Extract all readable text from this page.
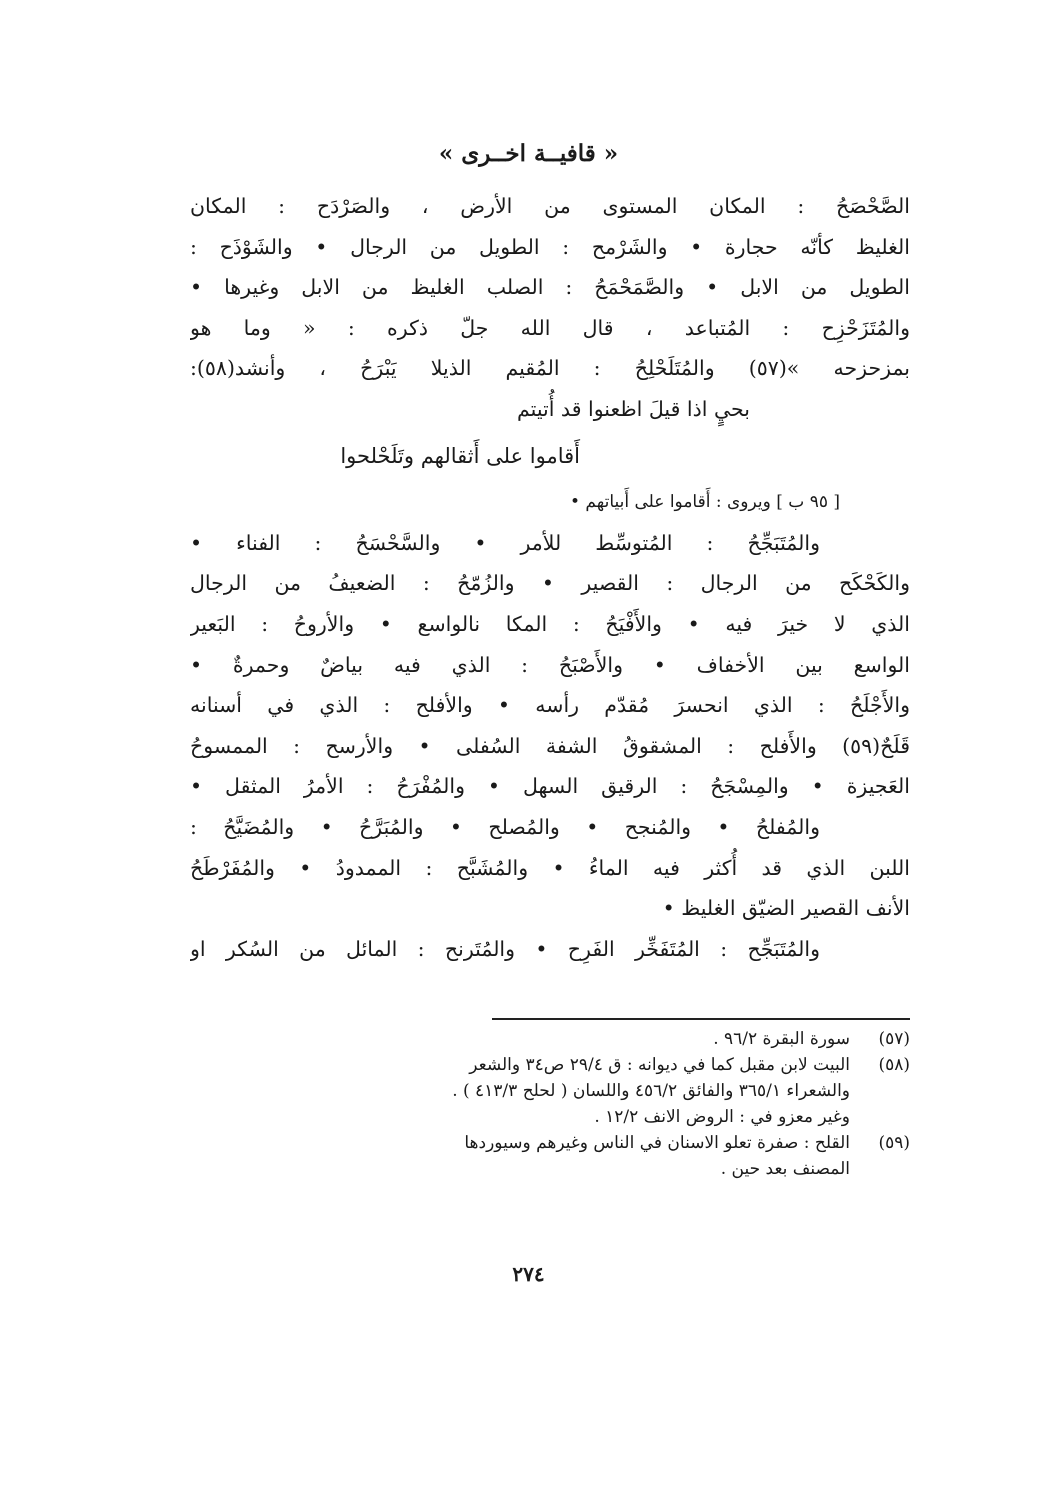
« قافيــة اخــرى »
الصَّحْصَحُ : المكان المستوى من الأرض ، والصَرْدَح : المكان
الغليظ كأنّه حجارة • والشَرْمح : الطويل من الرجال • والشَوْذَح :
الطويل من الابل • والصَّمَحْمَحُ : الصلب الغليظ من الابل وغيرها •
والمُتَزَحْزِح : المُتباعد ، قال الله جلّ ذكره : « وما هو
بمزحزحه »(٥٧) والمُتَلَحْلِحُ : المُقيم الذيلا يَبْرَحُ ، وأنشد(٥٨):
بحيٍ اذا قيلَ اظعنوا قد أُتيتم
أَقاموا على أَثقالهم وتَلَحْلحوا
[ ٩٥ ب ] ويروى : أَقاموا على أَبياتهم •
والمُتَبَجِّحُ : المُتوسِّط للأمر • والسَّحْسَحُ : الفناء •
والكَحْكَح من الرجال : القصير • والزُمّحُ : الضعيفُ من الرجال
الذي لا خيرَ فيه • والأَفْيَحُ : المكا نالواسع • والأروحُ : البَعير
الواسع بين الأخفاف • والأَصْبَحُ : الذي فيه بياضٌ وحمرةٌ •
والأَجْلَحُ : الذي انحسرَ مُقدّم رأسه • والأفلح : الذي في أسنانه
قَلَحٌ(٥٩) والأَفلح : المشقوقُ الشفة السُفلى • والأرسح : الممسوحُ
العَجيزة • والمِسْجَحُ : الرقيق السهل • والمُفْرَحُ : الأمرُ المثقل •
والمُفلحُ • والمُنجح • والمُصلح • والمُبَرَّحُ • والمُضَيَّحُ :
اللبن الذي قد أُكثر فيه الماءُ • والمُشَبَّح : الممدودُ • والمُفَرْطَحُ
الأنف القصير الضيّق الغليظ •
والمُتَبَجِّح : المُتَفَخِّر الفَرِح • والمُتَرنح : المائل من السُكر او
(٥٧)
سورة البقرة ٩٦/٢ .
(٥٨)
البيت لابن مقبل كما في ديوانه : ق ٢٩/٤ ص٣٤ والشعر
والشعراء ٣٦٥/١ والفائق ٤٥٦/٢ واللسان ( لحلح ٤١٣/٣ ) .
وغير معزو في : الروض الانف ١٢/٢ .
(٥٩)
القلح : صفرة تعلو الاسنان في الناس وغيرهم وسيوردها
المصنف بعد حين .
٢٧٤
